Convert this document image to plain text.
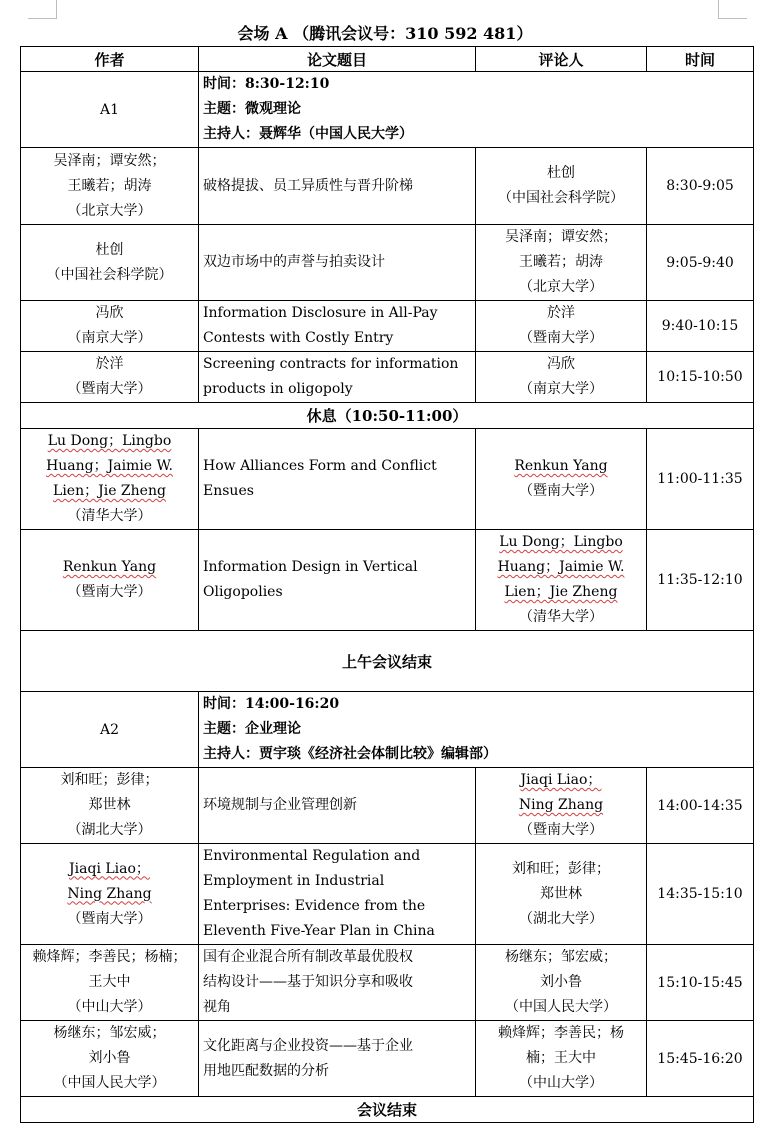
会场 A （腾讯会议号：310 592 481）
作者	论文题目	评论人	时间
A1	时间：8:30-12:10
主题：微观理论
主持人：聂辉华（中国人民大学）		

吴泽南；谭安然；
王曦若；胡涛
（北京大学）	破格提拔、员工异质性与晋升阶梯	杜创
（中国社会科学院）	8:30-9:05

杜创
（中国社会科学院）	双边市场中的声誉与拍卖设计	吴泽南；谭安然；
王曦若；胡涛
（北京大学）	9:05-9:40

冯欣
（南京大学）	Information Disclosure in All-Pay
Contests with Costly Entry	於洋
（暨南大学）	9:40-10:15

於洋
（暨南大学）	Screening contracts for information
products in oligopoly	冯欣
（南京大学）	10:15-10:50
休息（10:50-11:00）			

Lu Dong；Lingbo
Huang；Jaimie W.
Lien；Jie Zheng
（清华大学）	How Alliances Form and Conflict
Ensues	Renkun Yang
（暨南大学）	11:00-11:35

Renkun Yang
（暨南大学）	Information Design in Vertical
Oligopolies	Lu Dong；Lingbo
Huang；Jaimie W.
Lien；Jie Zheng
（清华大学）	11:35-12:10
上午会议结束			
A2	时间：14:00-16:20
主题：企业理论
主持人：贾宇琰《经济社会体制比较》编辑部）		

刘和旺；彭律；
郑世林
（湖北大学）	环境规制与企业管理创新	Jiaqi Liao；
Ning Zhang
（暨南大学）	14:00-14:35

Jiaqi Liao；
Ning Zhang
（暨南大学）	Environmental Regulation and
Employment in Industrial
Enterprises: Evidence from the
Eleventh Five-Year Plan in China	刘和旺；彭律；
郑世林
（湖北大学）	14:35-15:10

赖烽辉；李善民；杨楠；
王大中
（中山大学）	国有企业混合所有制改革最优股权
结构设计——基于知识分享和吸收
视角	杨继东；邹宏威；
刘小鲁
（中国人民大学）	15:10-15:45

杨继东；邹宏威；
刘小鲁
（中国人民大学）	文化距离与企业投资——基于企业
用地匹配数据的分析	赖烽辉；李善民；杨
楠；王大中
（中山大学）	15:45-16:20
会议结束			
